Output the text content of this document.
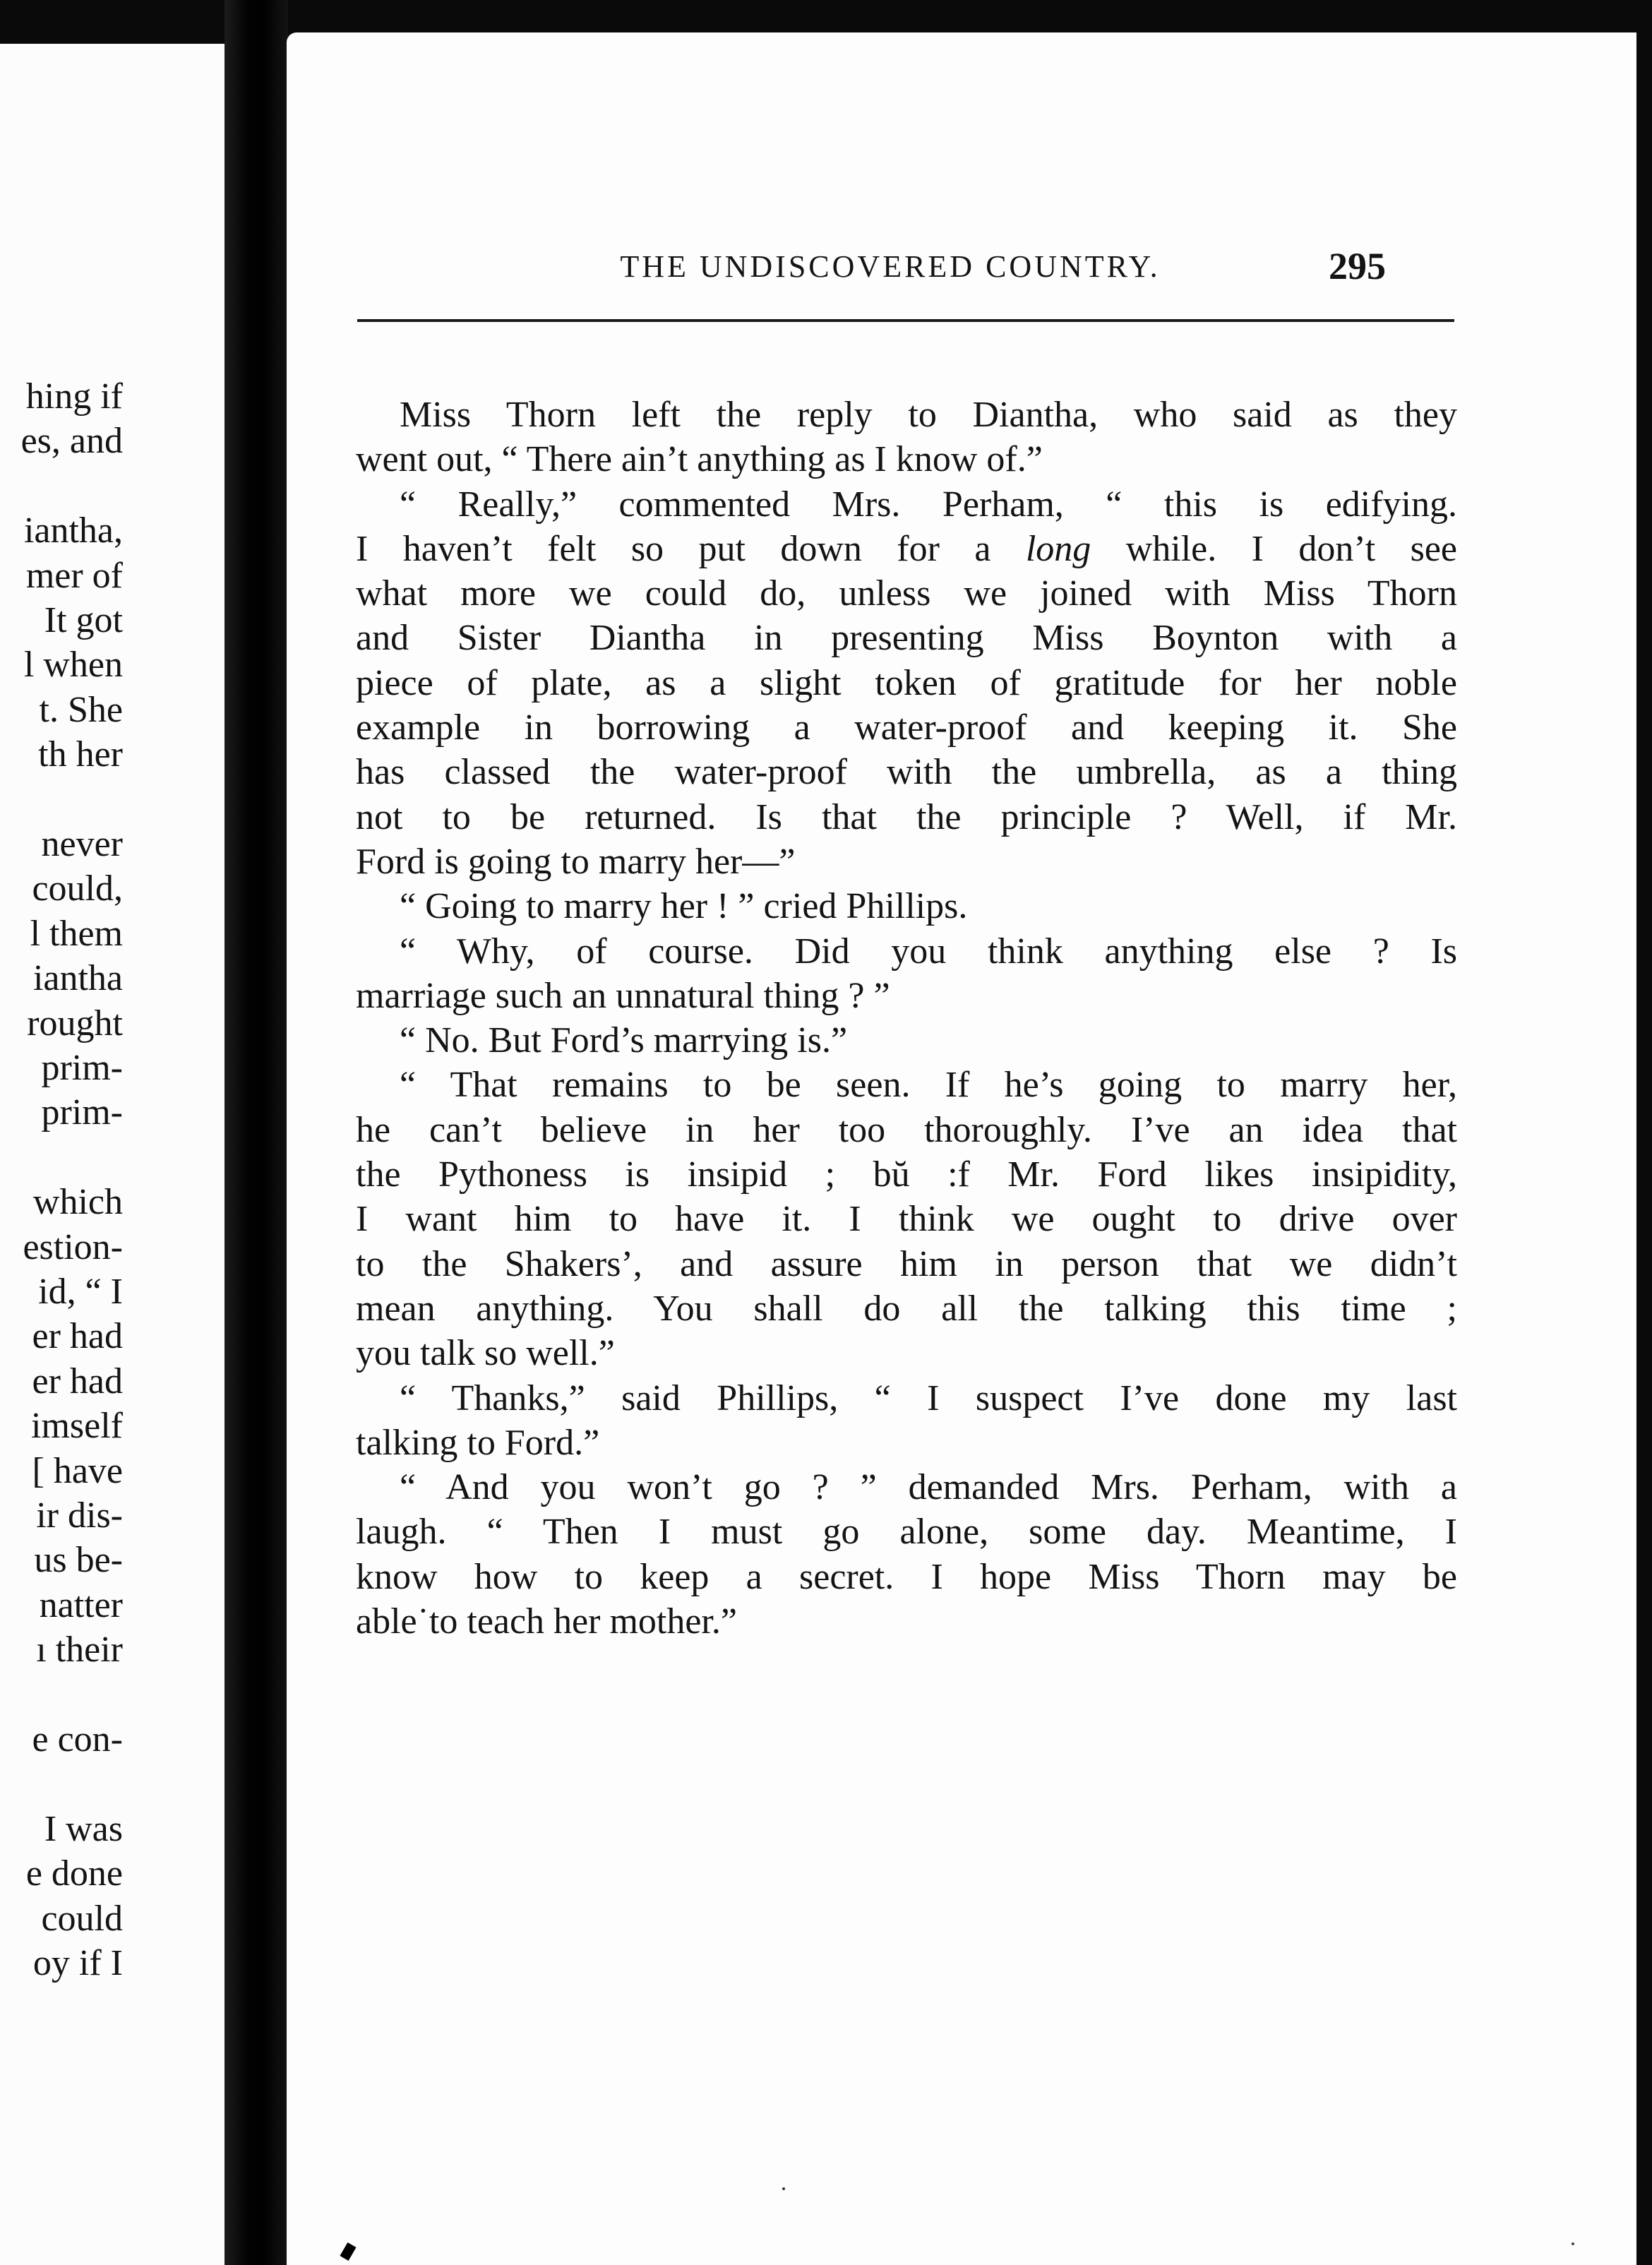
hing if
es, and
iantha,
mer of
It got
l when
t. She
th her
never
could,
l them
iantha
rought
prim-
prim-
which
estion-
id, “ I
er had
er had
imself
[ have
ir dis-
us be-
natter
ı their
e con-
I was
e done
could
oy if I
THE UNDISCOVERED COUNTRY.	295
Miss Thorn left the reply to Diantha, who said as they
went out, “ There ain’t anything as I know of.”
“ Really,” commented Mrs. Perham, “ this is edifying.
I haven’t felt so put down for a long while. I don’t see
what more we could do, unless we joined with Miss Thorn
and Sister Diantha in presenting Miss Boynton with a
piece of plate, as a slight token of gratitude for her noble
example in borrowing a water-proof and keeping it. She
has classed the water-proof with the umbrella, as a thing
not to be returned. Is that the principle ? Well, if Mr.
Ford is going to marry her—”
“ Going to marry her ! ” cried Phillips.
“ Why, of course. Did you think anything else ? Is
marriage such an unnatural thing ? ”
“ No. But Ford’s marrying is.”
“ That remains to be seen. If he’s going to marry her,
he can’t believe in her too thoroughly. I’ve an idea that
the Pythoness is insipid ; bŭ :f Mr. Ford likes insipidity,
I want him to have it. I think we ought to drive over
to the Shakers’, and assure him in person that we didn’t
mean anything. You shall do all the talking this time ;
you talk so well.”
“ Thanks,” said Phillips, “ I suspect I’ve done my last
talking to Ford.”
“ And you won’t go ? ” demanded Mrs. Perham, with a
laugh. “ Then I must go alone, some day. Meantime, I
know how to keep a secret. I hope Miss Thorn may be
able˙to teach her mother.”
